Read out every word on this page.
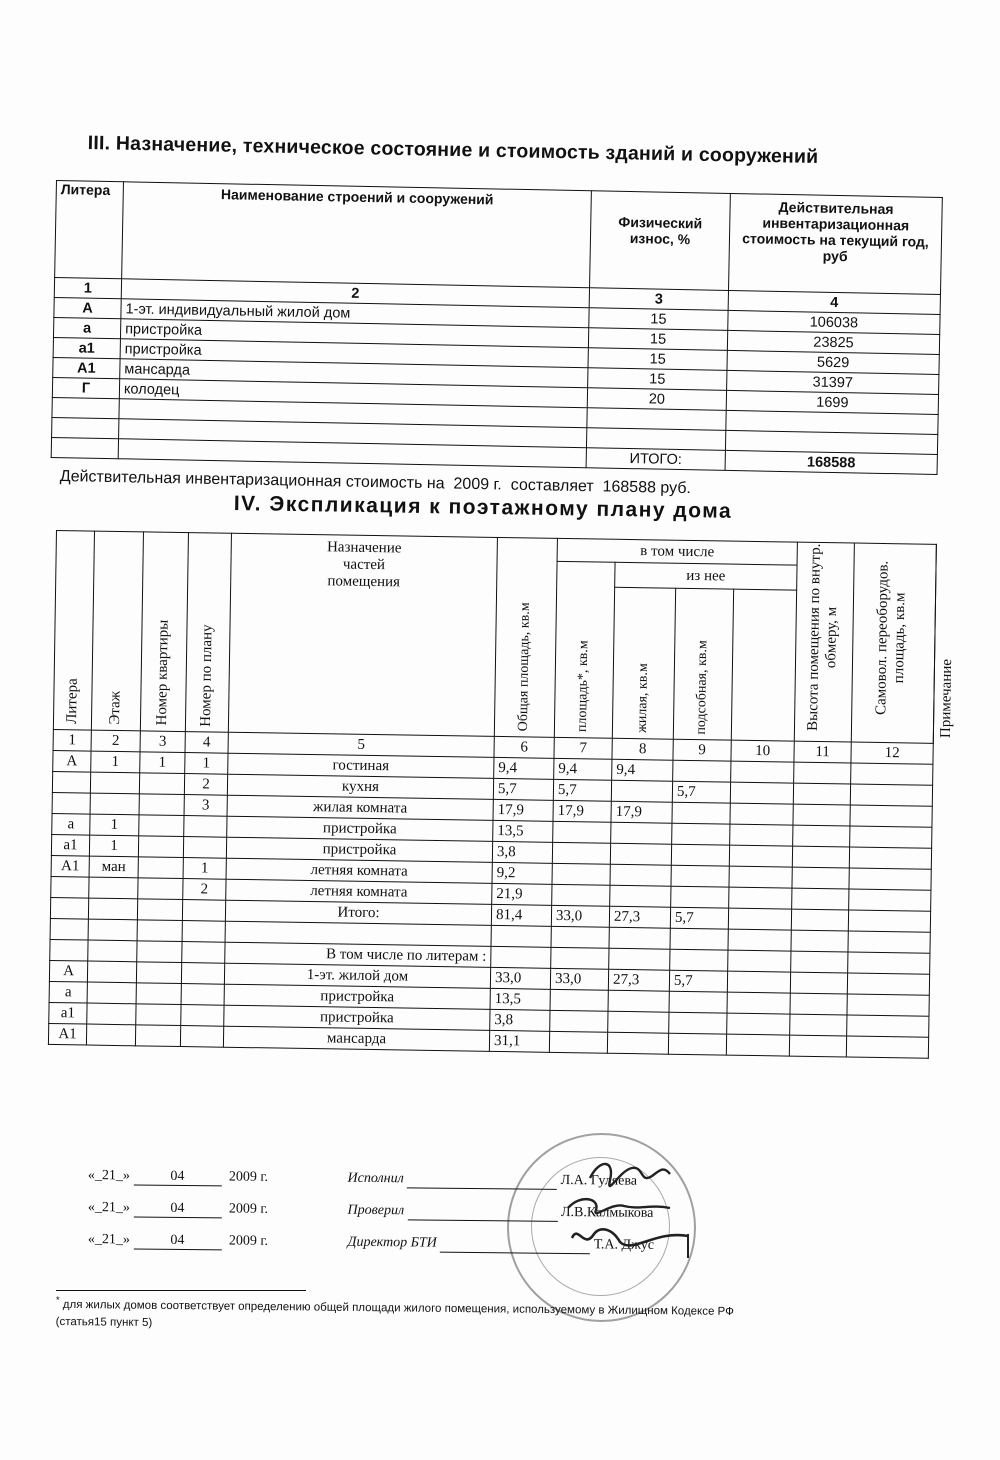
III. Назначение, техническое состояние и стоимость зданий и сооружений
Литера	Наименование строений и сооружений	Физический износ, %	Действительная инвентаризационная стоимость на текущий год, руб
1	2	3	4
А	1-эт. индивидуальный жилой дом	15	106038
а	пристройка	15	23825
а1	пристройка	15	5629
А1	мансарда	15	31397
Г	колодец	20	1699

		ИТОГО:	168588
Действительная инвентаризационная стоимость на 2009 г. составляет 168588 руб.
IV. Экспликация к поэтажному плану дома
Литера	Этаж	Номер квартиры	Номер по плану	Назначение частей помещения	Общая площадь, кв.м	в том числе				Высота помещения по внутр. обмеру, м	Самовол. переоборудов. площадь, кв.м	Примечание
						площадь*, кв.м	из нее					
							жилая, кв.м	подсобная, кв.м				
1	2	3	4	5	6	7	8	9	10	11	12	
А	1	1	1	гостиная	9,4	9,4	9,4					
			2	кухня	5,7	5,7		5,7				
			3	жилая комната	17,9	17,9	17,9					
а	1			пристройка	13,5							
а1	1			пристройка	3,8							
А1	ман		1	летняя комната	9,2							
			2	летняя комната	21,9							
				Итого:	81,4	33,0	27,3	5,7				

				В том числе по литерам :								
А				1-эт. жилой дом	33,0	33,0	27,3	5,7				
а				пристройка	13,5							
а1				пристройка	3,8							
А1				мансарда	31,1							
«_21_»	04	2009 г.	Исполнил	Л.А. Гуляева
«_21_»	04	2009 г.	Проверил	Л.В.Калмыкова
«_21_»	04	2009 г.	Директор БТИ	Т.А. Джус
* для жилых домов соответствует определению общей площади жилого помещения, используемому в Жилищном Кодексе РФ
(статья15 пункт 5)
